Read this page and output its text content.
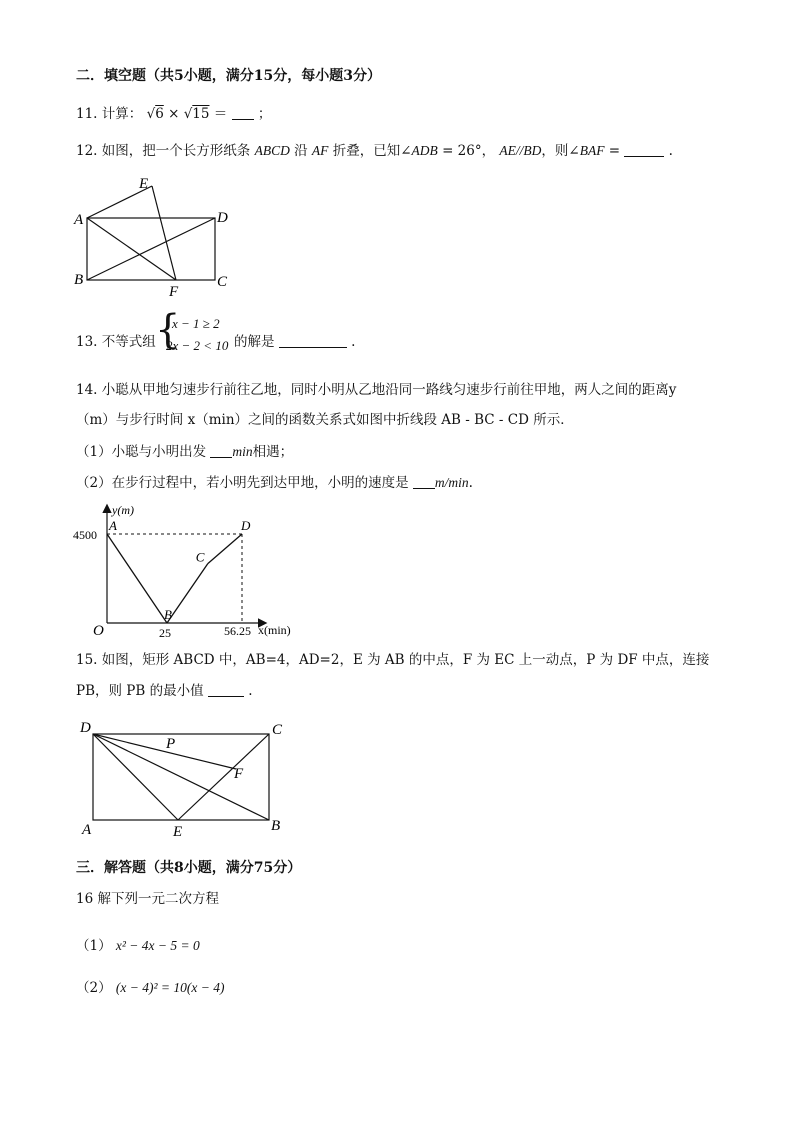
二．填空题（共5小题，满分15分，每小题3分）
11. 计算： √6 × √15 ＝ ；
12. 如图，把一个长方形纸条 ABCD 沿 AF 折叠，已知∠ADB = 26°， AE//BD，则∠BAF =	.
A
B	C
D
E
F
13. 不等式组 {
x − 1 ≥ 2
2x − 2 < 10 的解是	.
14. 小聪从甲地匀速步行前往乙地，同时小明从乙地沿同一路线匀速步行前往甲地，两人之间的距离y
（m）与步行时间 x（min）之间的函数关系式如图中折线段 AB - BC - CD 所示．
（1）小聪与小明出发 min相遇；
（2）在步行过程中，若小明先到达甲地，小明的速度是 m/min.
A
B
C
D
y(m)
x(min)
O
4500
25	56.25
15. 如图，矩形 ABCD 中，AB=4，AD=2，E 为 AB 的中点，F 为 EC 上一动点，P 为 DF 中点，连接
PB，则 PB 的最小值	.
D	C
A	B
E
F
P
三．解答题（共8小题，满分75分）
16 解下列一元二次方程
（1） x² − 4x − 5 = 0
（2） (x − 4)² = 10(x − 4)
